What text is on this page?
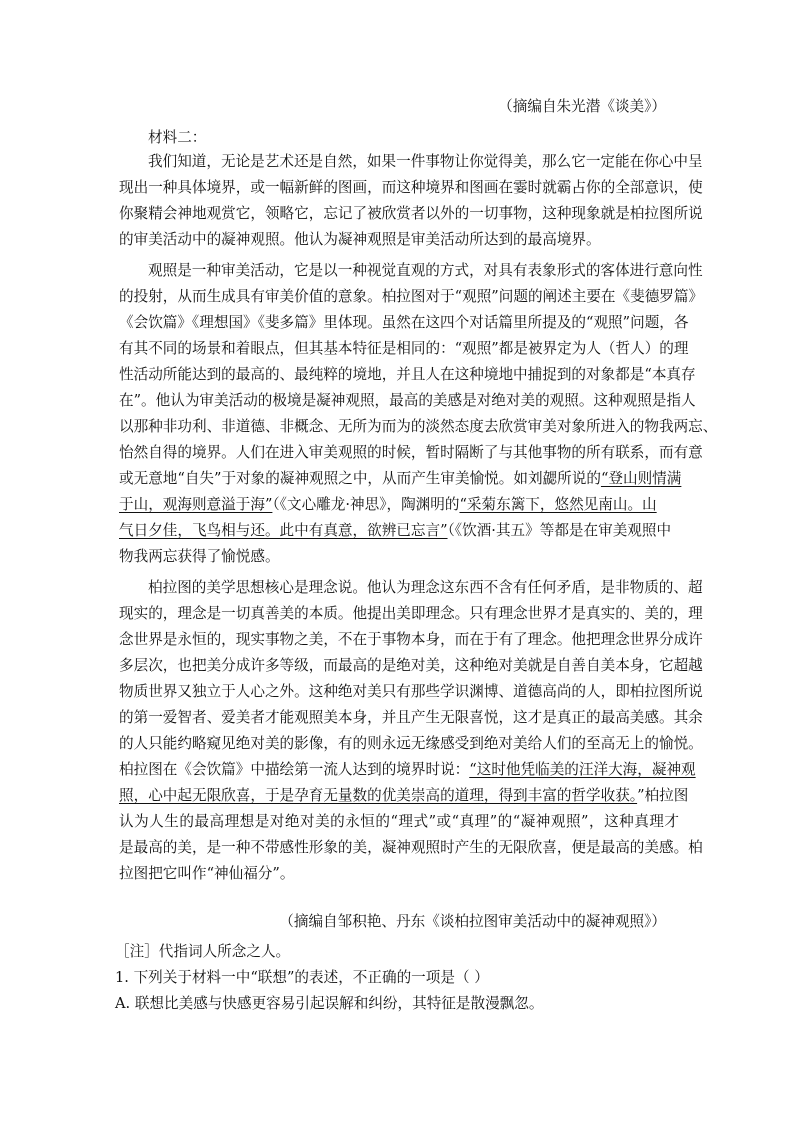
（摘编自朱光潜《谈美》）
材料二：
我们知道，无论是艺术还是自然，如果一件事物让你觉得美，那么它一定能在你心中呈
现出一种具体境界，或一幅新鲜的图画，而这种境界和图画在霎时就霸占你的全部意识，使
你聚精会神地观赏它，领略它，忘记了被欣赏者以外的一切事物，这种现象就是柏拉图所说
的审美活动中的凝神观照。他认为凝神观照是审美活动所达到的最高境界。
观照是一种审美活动，它是以一种视觉直观的方式，对具有表象形式的客体进行意向性
的投射，从而生成具有审美价值的意象。柏拉图对于“观照”问题的阐述主要在《斐德罗篇》
《会饮篇》《理想国》《斐多篇》里体现。虽然在这四个对话篇里所提及的“观照”问题，各
有其不同的场景和着眼点，但其基本特征是相同的：“观照”都是被界定为人（哲人）的理
性活动所能达到的最高的、最纯粹的境地，并且人在这种境地中捕捉到的对象都是“本真存
在”。他认为审美活动的极境是凝神观照，最高的美感是对绝对美的观照。这种观照是指人
以那种非功利、非道德、非概念、无所为而为的淡然态度去欣赏审美对象所进入的物我两忘、
怡然自得的境界。人们在进入审美观照的时候，暂时隔断了与其他事物的所有联系，而有意
或无意地“自失”于对象的凝神观照之中，从而产生审美愉悦。如刘勰所说的“登山则情满
于山，观海则意溢于海”（《文心雕龙·神思》，陶渊明的“采菊东篱下，悠然见南山。山
气日夕佳，飞鸟相与还。此中有真意，欲辨已忘言”（《饮酒·其五》等都是在审美观照中
物我两忘获得了愉悦感。
柏拉图的美学思想核心是理念说。他认为理念这东西不含有任何矛盾，是非物质的、超
现实的，理念是一切真善美的本质。他提出美即理念。只有理念世界才是真实的、美的，理
念世界是永恒的，现实事物之美，不在于事物本身，而在于有了理念。他把理念世界分成许
多层次，也把美分成许多等级，而最高的是绝对美，这种绝对美就是自善自美本身，它超越
物质世界又独立于人心之外。这种绝对美只有那些学识渊博、道德高尚的人，即柏拉图所说
的第一爱智者、爱美者才能观照美本身，并且产生无限喜悦，这才是真正的最高美感。其余
的人只能约略窥见绝对美的影像，有的则永远无缘感受到绝对美给人们的至高无上的愉悦。
柏拉图在《会饮篇》中描绘第一流人达到的境界时说：“这时他凭临美的汪洋大海，凝神观
照，心中起无限欣喜，于是孕育无量数的优美崇高的道理，得到丰富的哲学收获。”柏拉图
认为人生的最高理想是对绝对美的永恒的“理式”或“真理”的“凝神观照”，这种真理才
是最高的美，是一种不带感性形象的美，凝神观照时产生的无限欣喜，便是最高的美感。柏
拉图把它叫作“神仙福分”。
（摘编自邹积艳、丹东《谈柏拉图审美活动中的凝神观照》）
［注］代指词人所念之人。
1. 下列关于材料一中“联想”的表述，不正确的一项是（ ）
A. 联想比美感与快感更容易引起误解和纠纷，其特征是散漫飘忽。
